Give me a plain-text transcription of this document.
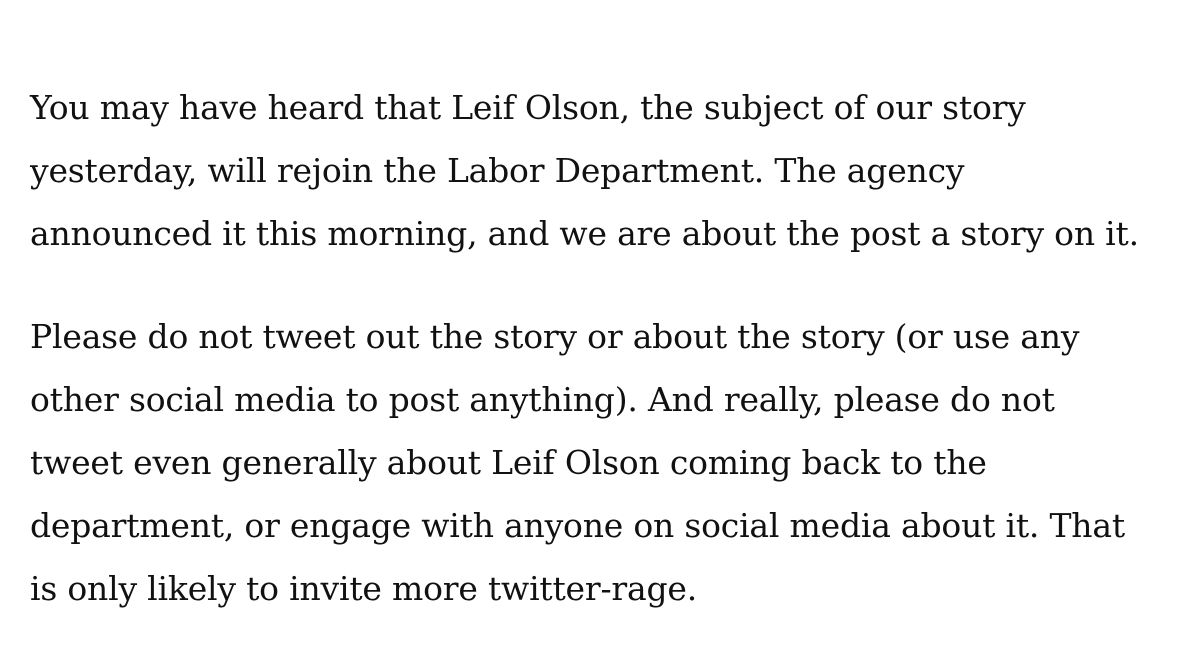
You may have heard that Leif Olson, the subject of our story
yesterday, will rejoin the Labor Department. The agency
announced it this morning, and we are about the post a story on it.

Please do not tweet out the story or about the story (or use any
other social media to post anything). And really, please do not
tweet even generally about Leif Olson coming back to the
department, or engage with anyone on social media about it. That
is only likely to invite more twitter-rage.
